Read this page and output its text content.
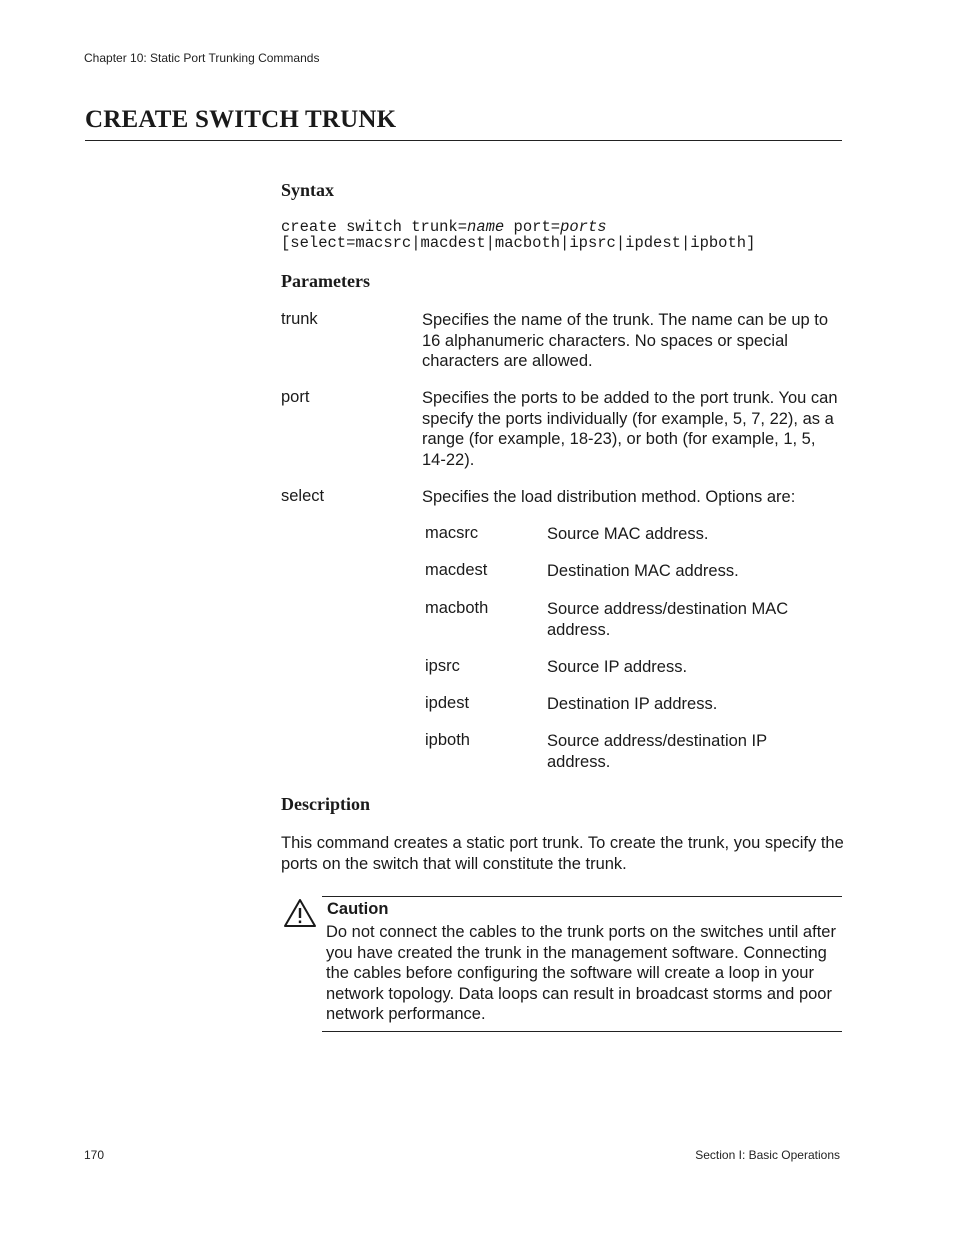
Chapter 10: Static Port Trunking Commands
CREATE SWITCH TRUNK
Syntax
create switch trunk=name port=ports
[select=macsrc|macdest|macboth|ipsrc|ipdest|ipboth]
Parameters
trunk	Specifies the name of the trunk. The name can be up to 16 alphanumeric characters. No spaces or special characters are allowed.
port	Specifies the ports to be added to the port trunk. You can specify the ports individually (for example, 5, 7, 22), as a range (for example, 18-23), or both (for example, 1, 5, 14-22).
select	Specifies the load distribution method. Options are:
macsrc	Source MAC address.
macdest	Destination MAC address.
macboth	Source address/destination MAC address.
ipsrc	Source IP address.
ipdest	Destination IP address.
ipboth	Source address/destination IP address.
Description
This command creates a static port trunk. To create the trunk, you specify the ports on the switch that will constitute the trunk.
Caution
Do not connect the cables to the trunk ports on the switches until after you have created the trunk in the management software. Connecting the cables before configuring the software will create a loop in your network topology. Data loops can result in broadcast storms and poor network performance.
170	Section I: Basic Operations
